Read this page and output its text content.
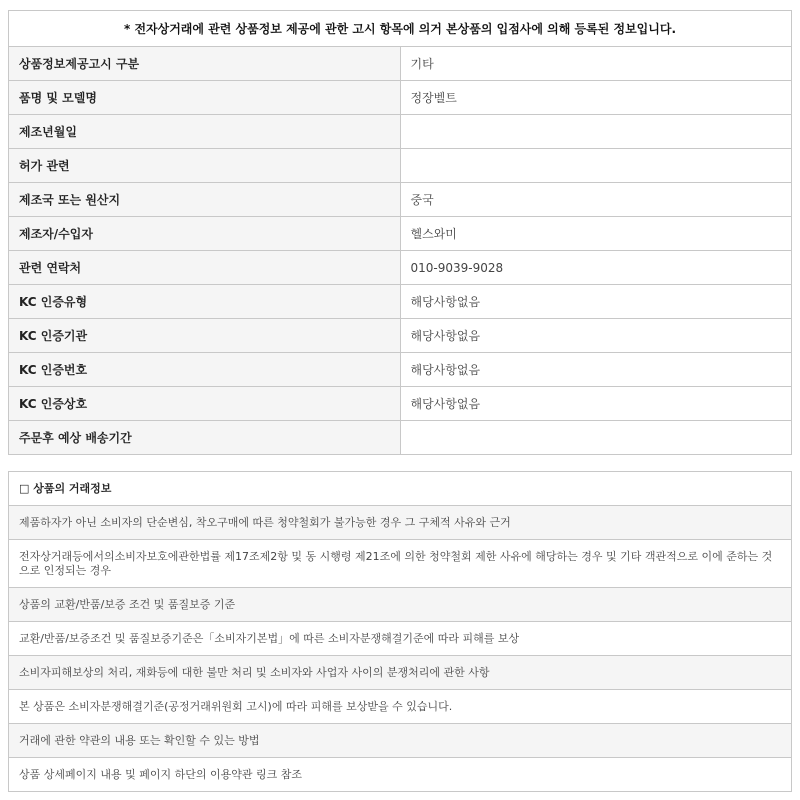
* 전자상거래에 관련 상품정보 제공에 관한 고시 항목에 의거 본상품의 입점사에 의해 등록된 정보입니다.	
상품정보제공고시 구분	기타
품명 및 모델명	정장벨트
제조년월일	
허가 관련	
제조국 또는 원산지	중국
제조자/수입자	헬스와미
관련 연락처	010-9039-9028
KC 인증유형	해당사항없음
KC 인증기관	해당사항없음
KC 인증번호	해당사항없음
KC 인증상호	해당사항없음
주문후 예상 배송기간	
□ 상품의 거래정보
제품하자가 아닌 소비자의 단순변심, 착오구매에 따른 청약철회가 불가능한 경우 그 구체적 사유와 근거
전자상거래등에서의소비자보호에관한법률 제17조제2항 및 동 시행령 제21조에 의한 청약철회 제한 사유에 해당하는 경우 및 기타 객관적으로 이에 준하는 것으로 인정되는 경우
상품의 교환/반품/보증 조건 및 품질보증 기준
교환/반품/보증조건 및 품질보증기준은「소비자기본법」에 따른 소비자분쟁해결기준에 따라 피해를 보상
소비자피해보상의 처리, 재화등에 대한 불만 처리 및 소비자와 사업자 사이의 분쟁처리에 관한 사항
본 상품은 소비자분쟁해결기준(공정거래위원회 고시)에 따라 피해를 보상받을 수 있습니다.
거래에 관한 약관의 내용 또는 확인할 수 있는 방법
상품 상세페이지 내용 및 페이지 하단의 이용약관 링크 참조
